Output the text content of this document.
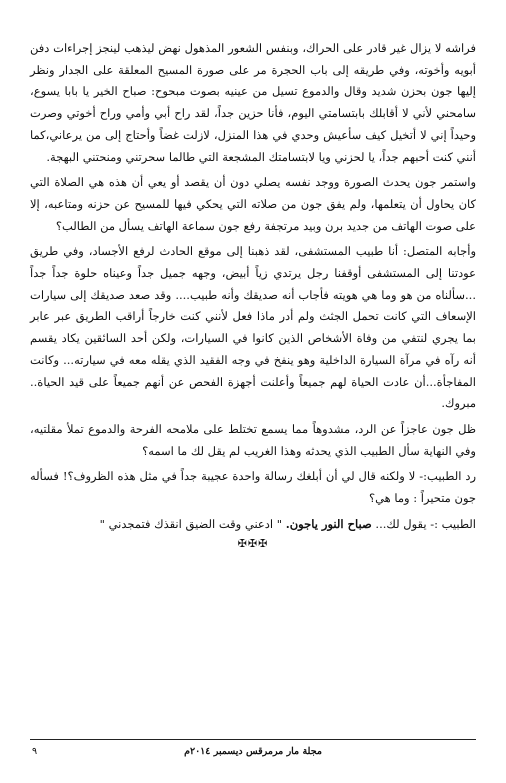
فراشه لا يزال غير قادر على الحراك، وبنفس الشعور المذهول نهض ليذهب لينجز إجراءات دفن أبويه وأخوته، وفي طريقه إلى باب الحجرة مر على صورة المسيح المعلقة على الجدار ونظر إليها جون بحزن شديد وقال والدموع تسيل من عينيه بصوت مبحوح: صباح الخير يا بابا يسوع، سامحني لأني لا أقابلك بابتسامتي اليوم، فأنا حزين جداً، لقد راح أبي وأمي وراح أخوتي وصرت وحيداً إني لا أتخيل كيف سأعيش وحدي في هذا المنزل، لازلت غضاً وأحتاج إلى من يرعاني،كما أنني كنت أحبهم جداً، يا لحزني ويا لابتسامتك المشجعة التي طالما سحرتني ومنحتني البهجة.

واستمر جون يحدث الصورة ووجد نفسه يصلي دون أن يقصد أو يعي أن هذه هي الصلاة التي كان يحاول أن يتعلمها، ولم يفق جون من صلاته التي يحكي فيها للمسيح عن حزنه ومتاعبه، إلا على صوت الهاتف من جديد برن وبيد مرتجفة رفع جون سماعة الهاتف يسأل من الطالب؟

وأجابه المتصل: أنا طبيب المستشفى، لقد ذهبنا إلى موقع الحادث لرفع الأجساد، وفي طريق عودتنا إلى المستشفى أوقفنا رجل يرتدي زياً أبيض، وجهه جميل جداً وعيناه حلوة جداً جداً ...سألناه من هو وما هي هويته فأجاب أنه صديقك وأنه طبيب.... وقد صعد صديقك إلى سيارات الإسعاف التي كانت تحمل الجثث ولم أدر ماذا فعل لأنني كنت خارجاً أراقب الطريق عبر عابر بما يجري لنتفي من وفاة الأشخاص الذين كانوا في السيارات، ولكن أحد السائقين يكاد يقسم أنه رآه في مرآة السيارة الداخلية وهو ينفخ في وجه الفقيد الذي يقله معه في سيارته... وكانت المفاجأة...أن عادت الحياة لهم جميعاً وأعلنت أجهزة الفحص عن أنهم جميعاً على قيد الحياة.. مبروك.

ظل جون عاجزاً عن الرد، مشدوهاً مما يسمع تختلط على ملامحه الفرحة والدموع تملأ مقلتيه، وفي النهاية سأل الطبيب الذي يحدثه وهذا الغريب لم يقل لك ما اسمه؟

رد الطبيب:- لا ولكنه قال لي أن أبلغك رسالة واحدة عجيبة جداً في مثل هذه الظروف؟! فسأله جون متحيراً : وما هي؟

الطبيب :- يقول لك... صباح النور ياجون. " ادعني وقت الضيق انقذك فتمجدني "

✠✠✠
مجلة مار مرمرقس ديسمبر ٢٠١٤م
٩
